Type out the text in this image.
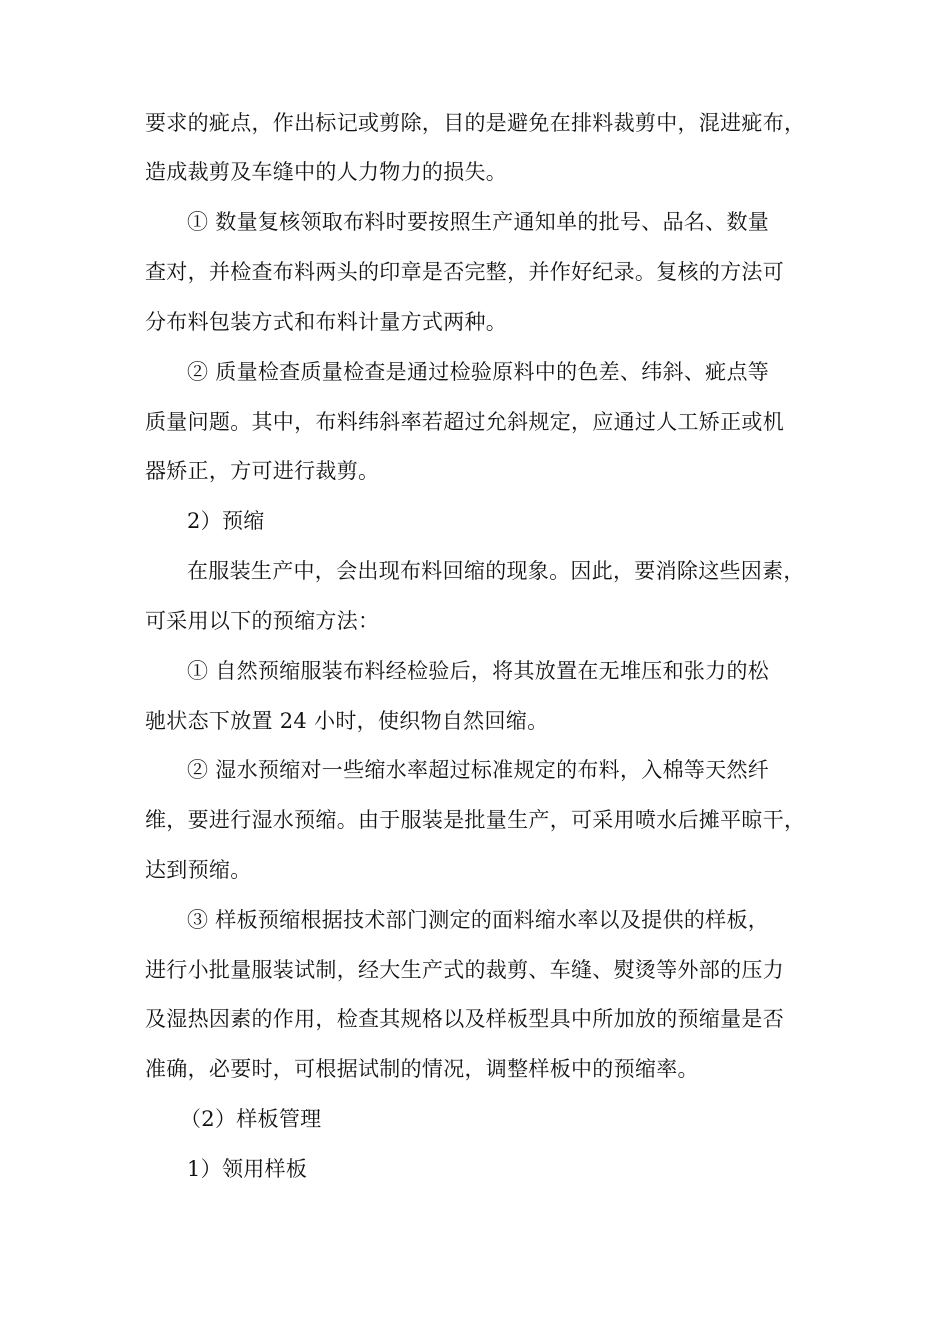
要求的疵点，作出标记或剪除，目的是避免在排料裁剪中，混进疵布，
造成裁剪及车缝中的人力物力的损失。
① 数量复核领取布料时要按照生产通知单的批号、品名、数量
查对，并检查布料两头的印章是否完整，并作好纪录。复核的方法可
分布料包装方式和布料计量方式两种。
② 质量检查质量检查是通过检验原料中的色差、纬斜、疵点等
质量问题。其中，布料纬斜率若超过允斜规定，应通过人工矫正或机
器矫正，方可进行裁剪。
2）预缩
在服装生产中，会出现布料回缩的现象。因此，要消除这些因素，
可采用以下的预缩方法：
① 自然预缩服装布料经检验后，将其放置在无堆压和张力的松
驰状态下放置 24 小时，使织物自然回缩。
② 湿水预缩对一些缩水率超过标准规定的布料，入棉等天然纤
维，要进行湿水预缩。由于服装是批量生产，可采用喷水后摊平晾干，
达到预缩。
③ 样板预缩根据技术部门测定的面料缩水率以及提供的样板，
进行小批量服装试制，经大生产式的裁剪、车缝、熨烫等外部的压力
及湿热因素的作用，检查其规格以及样板型具中所加放的预缩量是否
准确，必要时，可根据试制的情况，调整样板中的预缩率。
（2）样板管理
1）领用样板
